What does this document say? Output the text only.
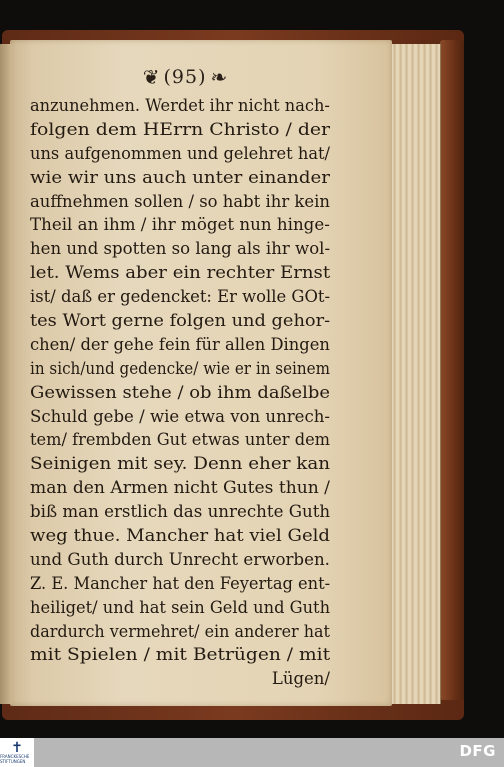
❦ (95) ❧
anzunehmen. Werdet ihr nicht nach-
folgen dem HErrn Christo / der
uns aufgenommen und gelehret hat/
wie wir uns auch unter einander
auffnehmen sollen / so habt ihr kein
Theil an ihm / ihr möget nun hinge-
hen und spotten so lang als ihr wol-
let. Wems aber ein rechter Ernst
ist/ daß er gedencket: Er wolle GOt-
tes Wort gerne folgen und gehor-
chen/ der gehe fein für allen Dingen
in sich/und gedencke/ wie er in seinem
Gewissen stehe / ob ihm daßelbe
Schuld gebe / wie etwa von unrech-
tem/ frembden Gut etwas unter dem
Seinigen mit sey. Denn eher kan
man den Armen nicht Gutes thun /
biß man erstlich das unrechte Guth
weg thue. Mancher hat viel Geld
und Guth durch Unrecht erworben.
Z. E. Mancher hat den Feyertag ent-
heiliget/ und hat sein Geld und Guth
dardurch vermehret/ ein anderer hat
mit Spielen / mit Betrügen / mit
Lügen/
✝
FRANCKESCHE STIFTUNGEN
DFG
